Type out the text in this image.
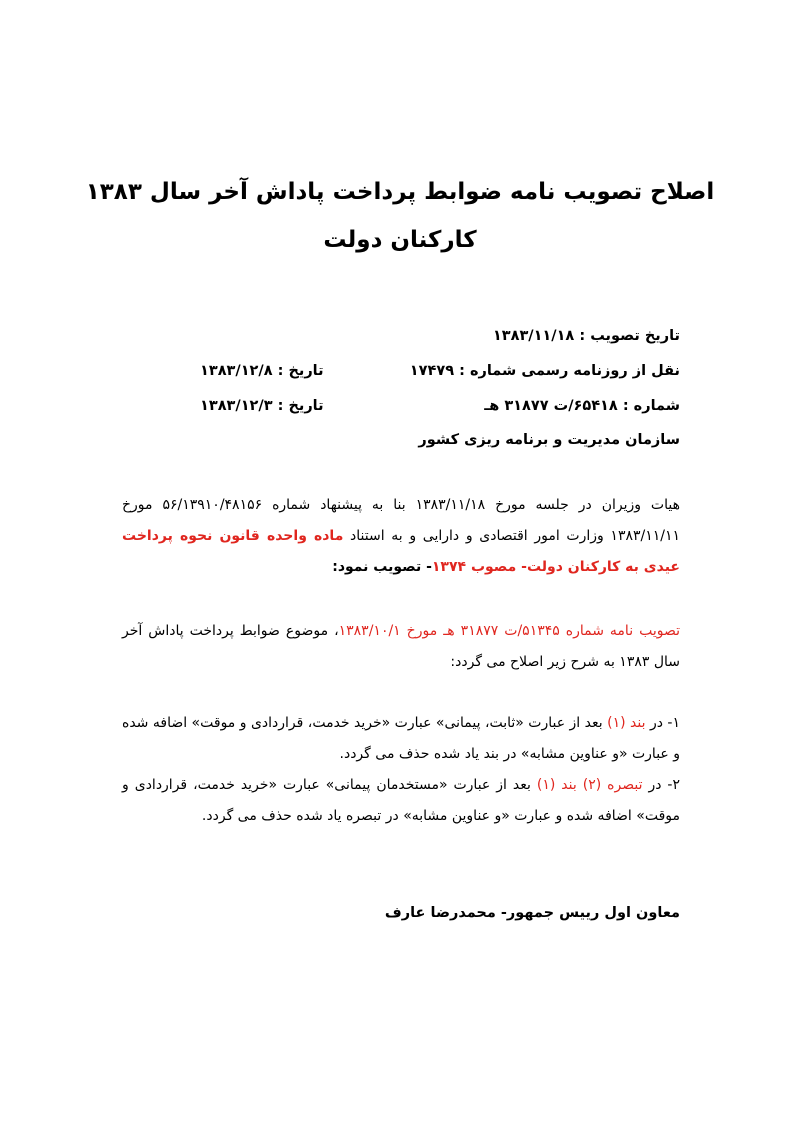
اصلاح تصویب نامه ضوابط پرداخت پاداش آخر سال ۱۳۸۳
کارکنان دولت
تاریخ تصویب : ۱۳۸۳/۱۱/۱۸
نقل از روزنامه رسمی شماره : ۱۷۴۷۹
تاریخ : ۱۳۸۳/۱۲/۸
شماره : ۶۵۴۱۸/ت ۳۱۸۷۷ هـ
تاریخ : ۱۳۸۳/۱۲/۳
سازمان مدیریت و برنامه ریزی کشور
هیات وزیران در جلسه مورخ ۱۳۸۳/۱۱/۱۸ بنا به پیشنهاد شماره ۵۶/۱۳۹۱۰/۴۸۱۵۶ مورخ ۱۳۸۳/۱۱/۱۱ وزارت امور اقتصادی و دارایی و به استناد ماده واحده قانون نحوه پرداخت عیدی به کارکنان دولت- مصوب ۱۳۷۴- تصویب نمود:
تصویب نامه شماره ۵۱۳۴۵/ت ۳۱۸۷۷ هـ مورخ ۱۳۸۳/۱۰/۱، موضوع ضوابط پرداخت پاداش آخر سال ۱۳۸۳ به شرح زیر اصلاح می گردد:
۱- در بند (۱) بعد از عبارت «ثابت، پیمانی» عبارت «خرید خدمت، قراردادی و موقت» اضافه شده و عبارت «و عناوین مشابه» در بند یاد شده حذف می گردد.
۲- در تبصره (۲) بند (۱) بعد از عبارت «مستخدمان پیمانی» عبارت «خرید خدمت، قراردادی و موقت» اضافه شده و عبارت «و عناوین مشابه» در تبصره یاد شده حذف می گردد.
معاون اول رییس جمهور- محمدرضا عارف
